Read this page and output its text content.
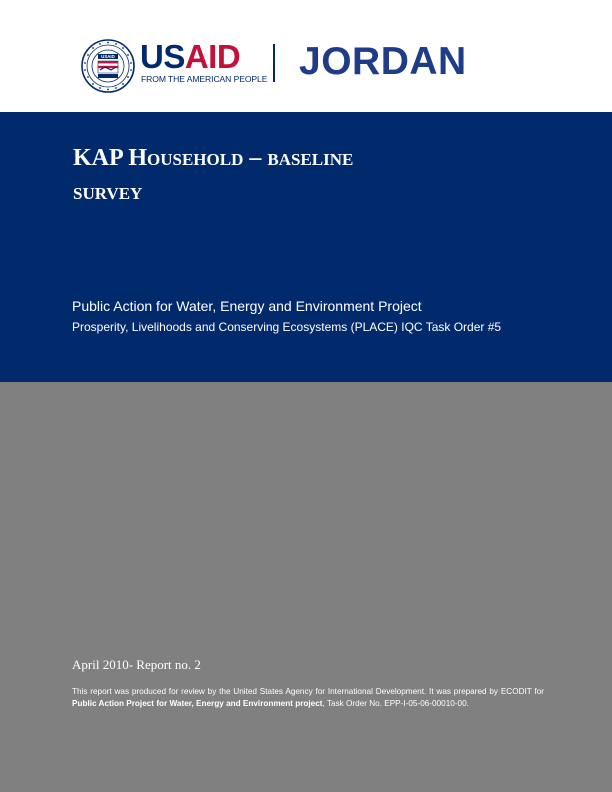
USAID USAID
FROM THE AMERICAN PEOPLE JORDAN
KAP Household – baseline
survey
Public Action for Water, Energy and Environment Project
Prosperity, Livelihoods and Conserving Ecosystems (PLACE) IQC Task Order #5
April 2010- Report no. 2

This report was produced for review by the United States Agency for International Development. It was prepared by ECODIT for Public Action Project for Water, Energy and Environment project, Task Order No. EPP-I-05-06-00010-00.
